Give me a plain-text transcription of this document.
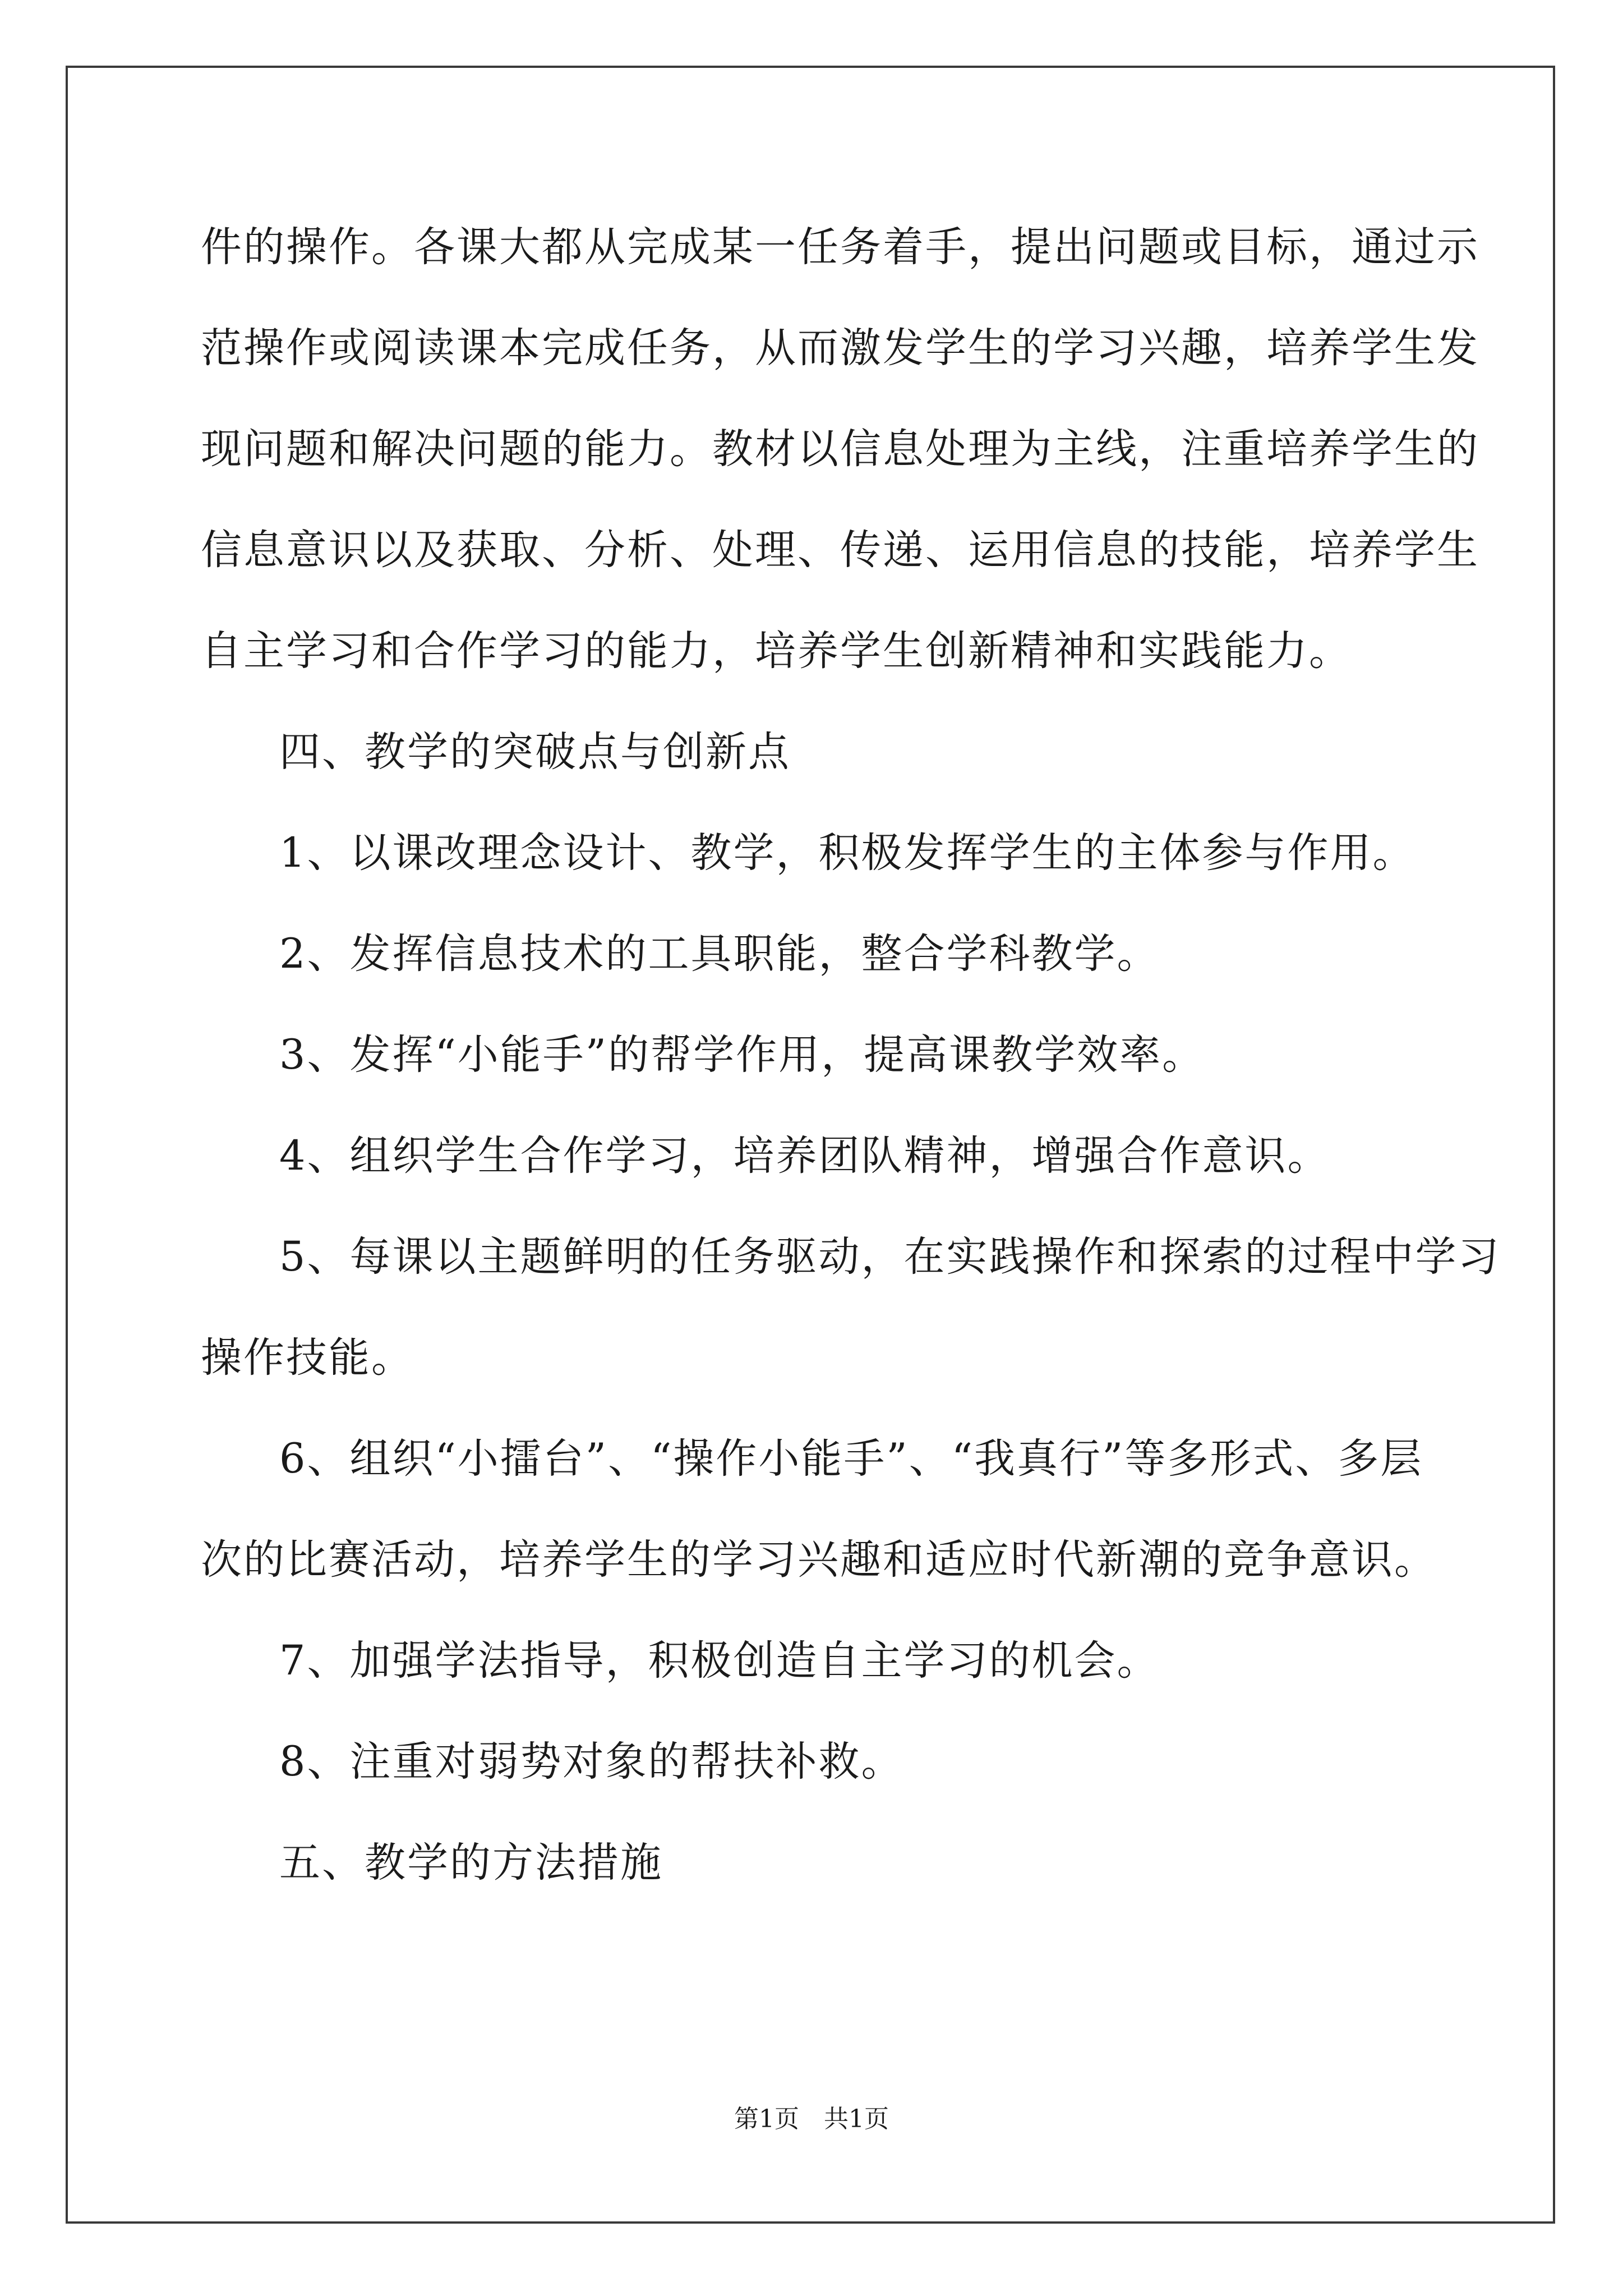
件的操作。各课大都从完成某一任务着手，提出问题或目标，通过示

范操作或阅读课本完成任务，从而激发学生的学习兴趣，培养学生发

现问题和解决问题的能力。教材以信息处理为主线，注重培养学生的

信息意识以及获取、分析、处理、传递、运用信息的技能，培养学生

自主学习和合作学习的能力，培养学生创新精神和实践能力。

四、教学的突破点与创新点

1、以课改理念设计、教学，积极发挥学生的主体参与作用。

2、发挥信息技术的工具职能，整合学科教学。

3、发挥“小能手”的帮学作用，提高课教学效率。

4、组织学生合作学习，培养团队精神，增强合作意识。

5、每课以主题鲜明的任务驱动，在实践操作和探索的过程中学习

操作技能。

6、组织“小擂台”、“操作小能手”、“我真行”等多形式、多层

次的比赛活动，培养学生的学习兴趣和适应时代新潮的竞争意识。

7、加强学法指导，积极创造自主学习的机会。

8、注重对弱势对象的帮扶补救。

五、教学的方法措施

第1页 共1页
